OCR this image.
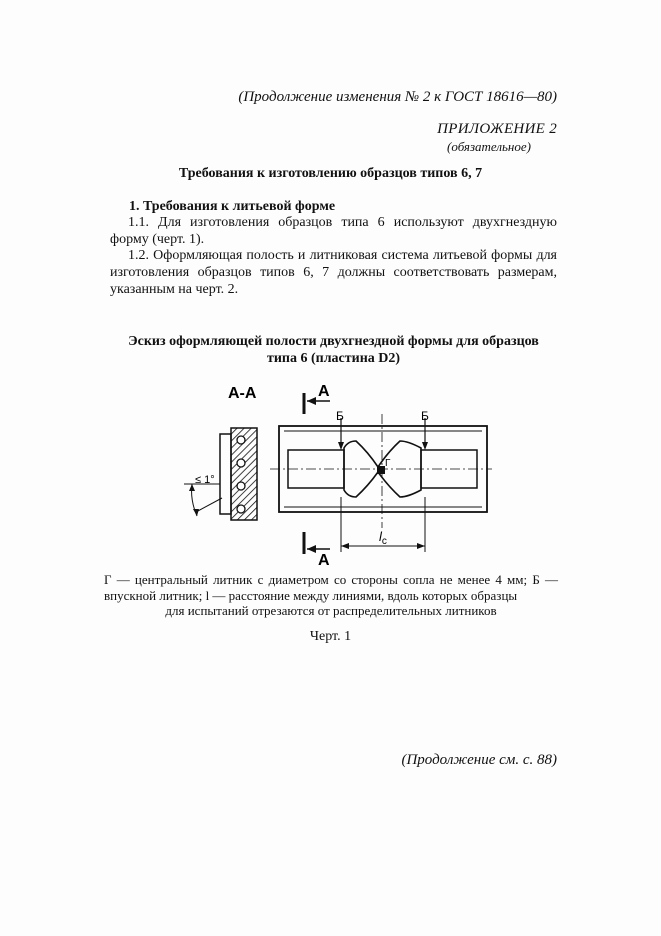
(Продолжение изменения № 2 к ГОСТ 18616—80)
ПРИЛОЖЕНИЕ 2
(обязательное)
Требования к изготовлению образцов типов 6, 7
1. Требования к литьевой форме
1.1. Для изготовления образцов типа 6 используют двухгнездную форму (черт. 1).
1.2. Оформляющая полость и литниковая система литьевой формы для изготовления образцов типов 6, 7 должны соответствовать размерам, указанным на черт. 2.
Эскиз оформляющей полости двухгнездной формы для образцов
типа 6 (пластина D2)
А-А
≤ 1°
Б	Б
Г
А
А
$l_с$
Г — центральный литник с диаметром со стороны сопла не менее 4 мм; Б — впускной литник; l — расстояние между линиями, вдоль которых образцы
для испытаний отрезаются от распределительных литников
Черт. 1
(Продолжение см. с. 88)
